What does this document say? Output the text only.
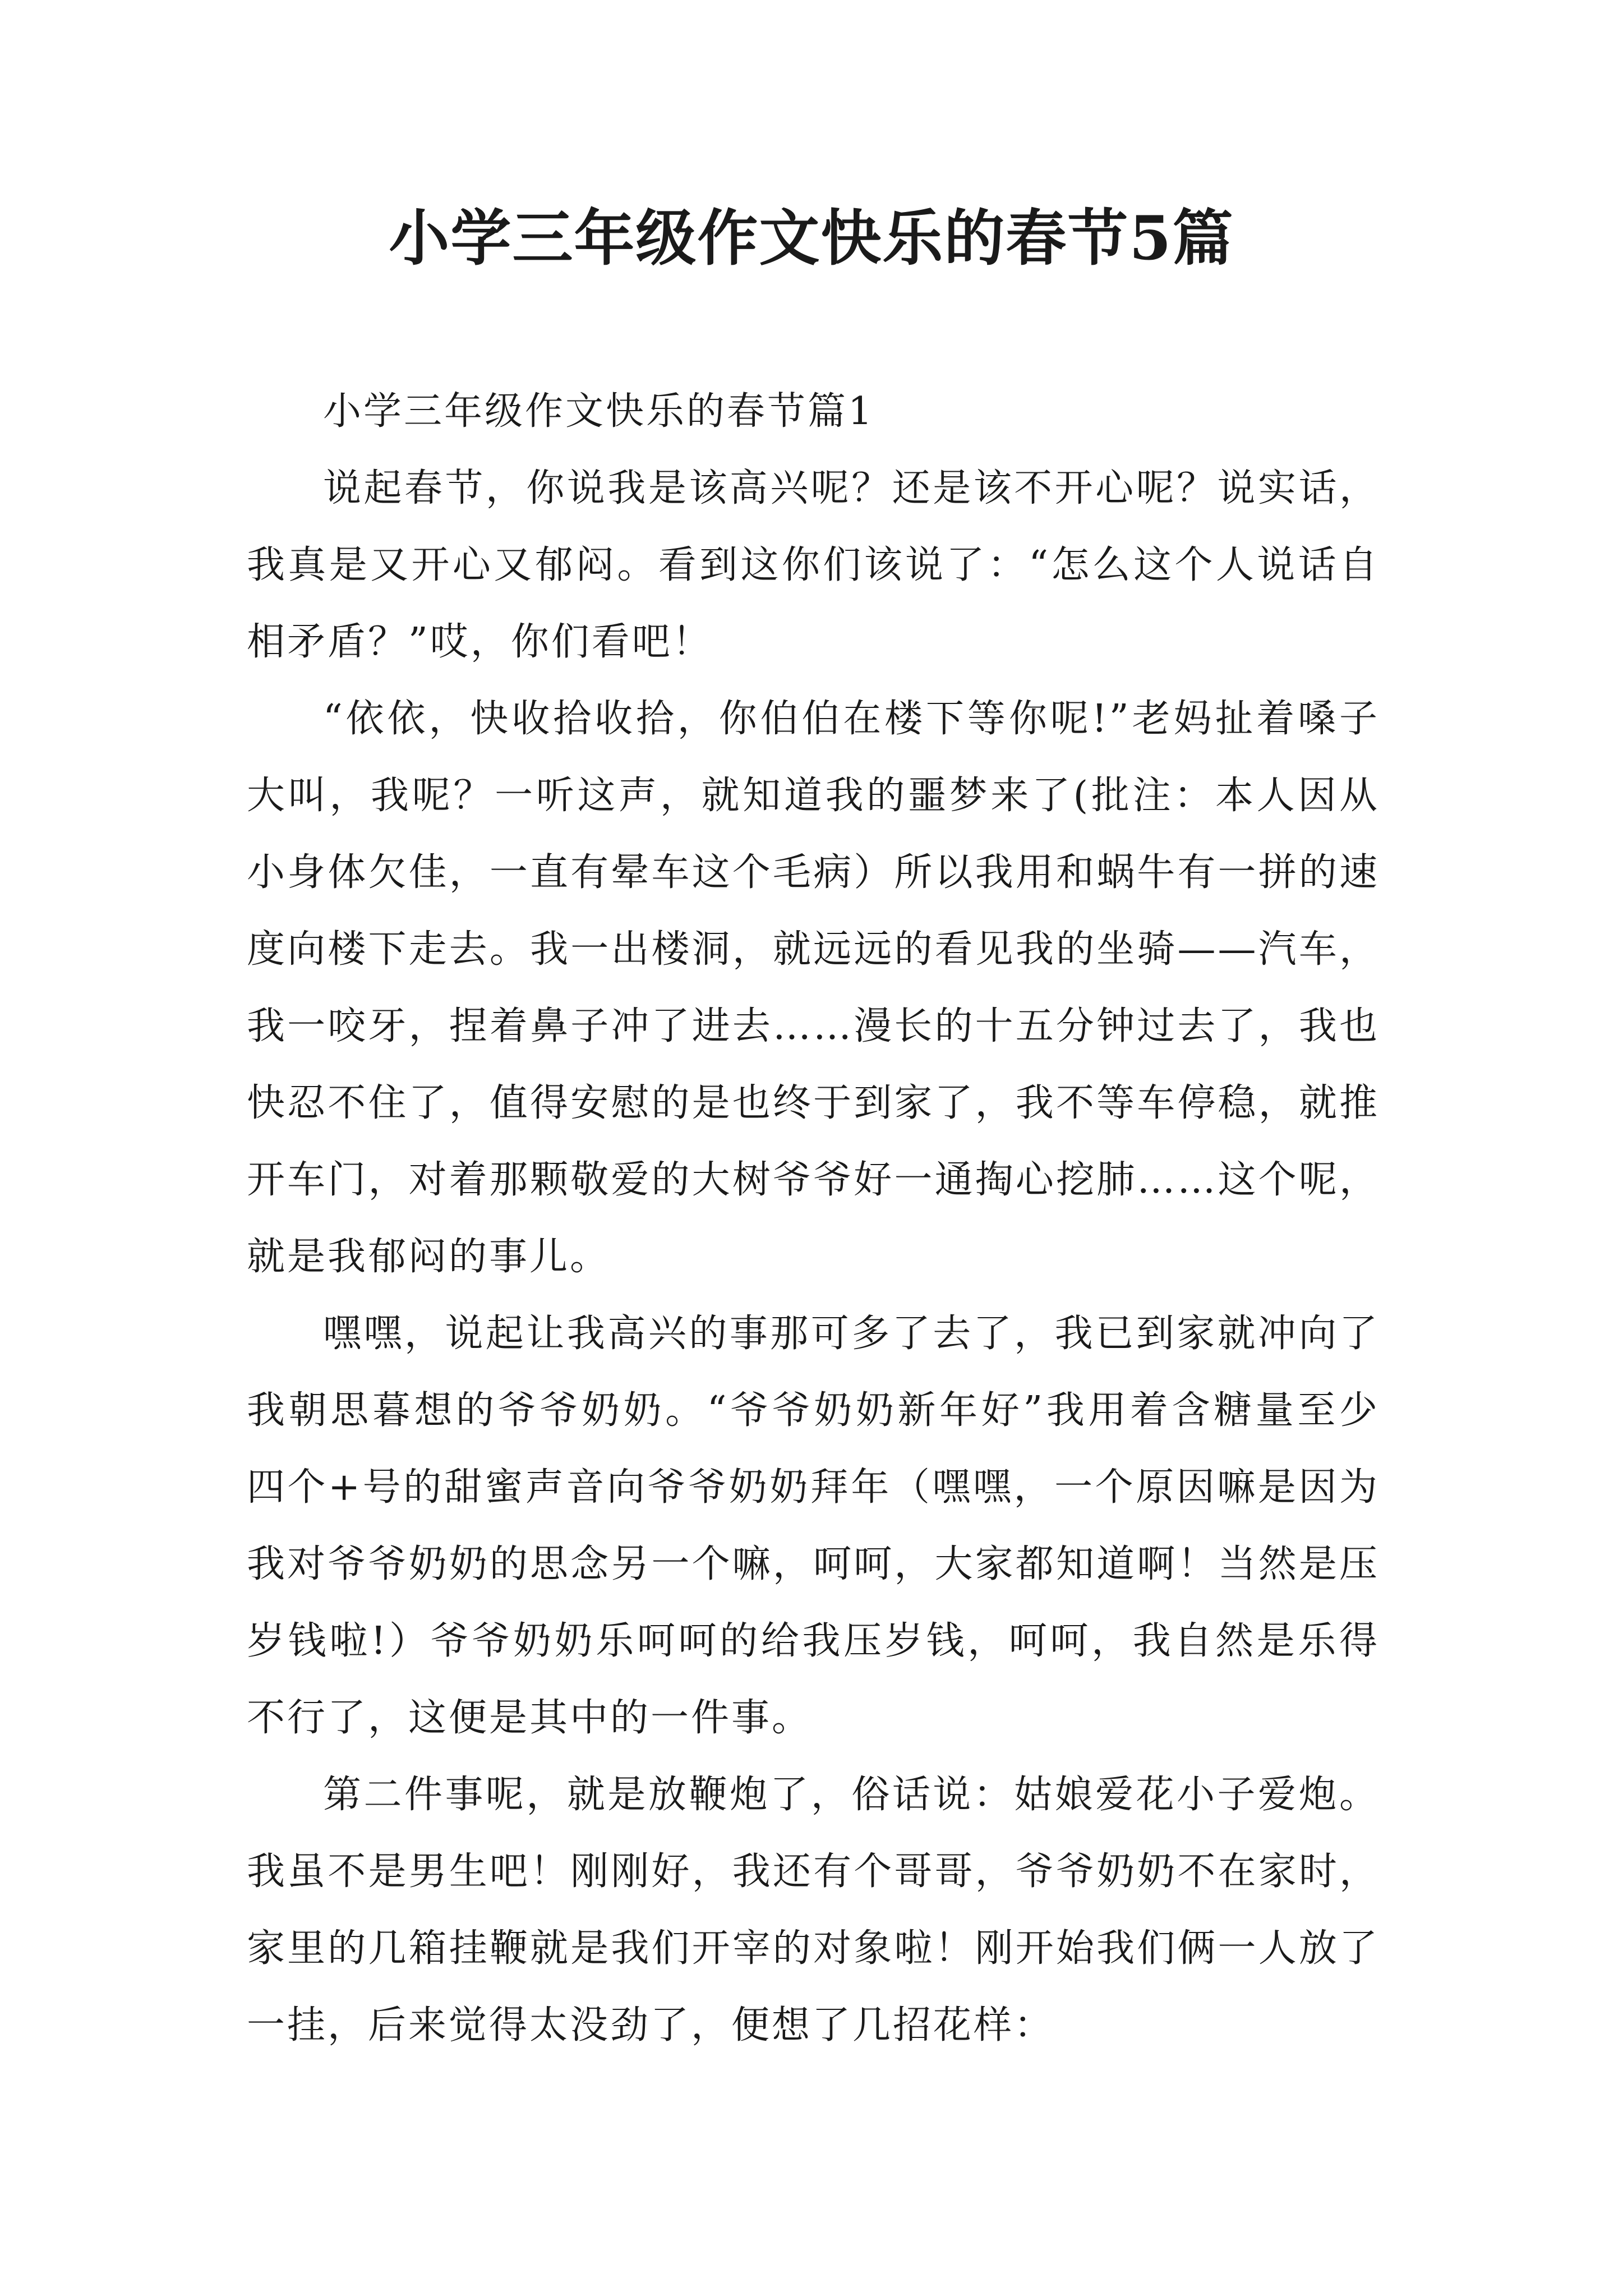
小学三年级作文快乐的春节5篇

小学三年级作文快乐的春节篇1

说起春节，你说我是该高兴呢？还是该不开心呢？说实话，我真是又开心又郁闷。看到这你们该说了：“怎么这个人说话自相矛盾？”哎，你们看吧！

“依依，快收拾收拾，你伯伯在楼下等你呢!”老妈扯着嗓子大叫，我呢？一听这声，就知道我的噩梦来了(批注：本人因从小身体欠佳，一直有晕车这个毛病）所以我用和蜗牛有一拼的速度向楼下走去。我一出楼洞，就远远的看见我的坐骑——汽车，我一咬牙，捏着鼻子冲了进去……漫长的十五分钟过去了，我也快忍不住了，值得安慰的是也终于到家了，我不等车停稳，就推开车门，对着那颗敬爱的大树爷爷好一通掏心挖肺……这个呢，就是我郁闷的事儿。

嘿嘿，说起让我高兴的事那可多了去了，我已到家就冲向了我朝思暮想的爷爷奶奶。“爷爷奶奶新年好”我用着含糖量至少四个+号的甜蜜声音向爷爷奶奶拜年（嘿嘿，一个原因嘛是因为我对爷爷奶奶的思念另一个嘛，呵呵，大家都知道啊！当然是压岁钱啦!）爷爷奶奶乐呵呵的给我压岁钱，呵呵，我自然是乐得不行了，这便是其中的一件事。

第二件事呢，就是放鞭炮了，俗话说：姑娘爱花小子爱炮。我虽不是男生吧！刚刚好，我还有个哥哥，爷爷奶奶不在家时，家里的几箱挂鞭就是我们开宰的对象啦！刚开始我们俩一人放了一挂，后来觉得太没劲了，便想了几招花样：
